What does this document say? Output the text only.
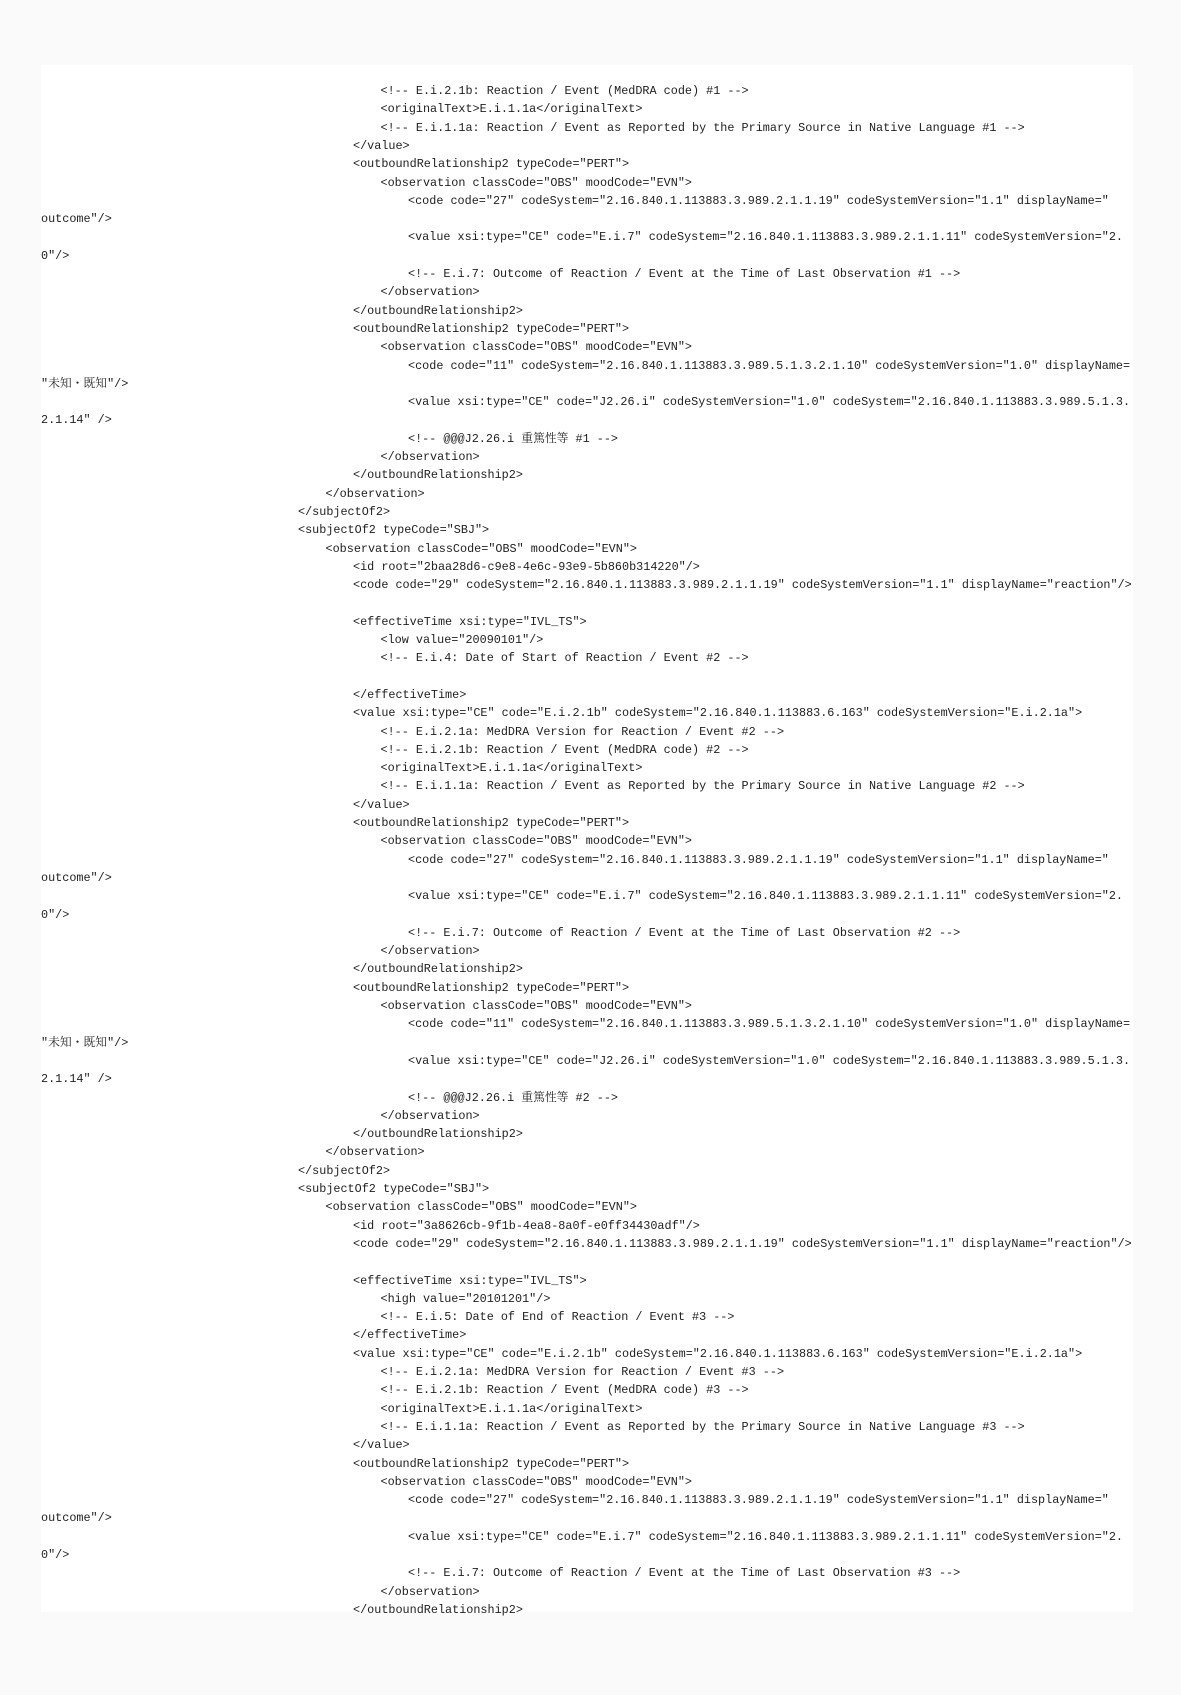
<!-- E.i.2.1b: Reaction / Event (MedDRA code) #1 -->
<originalText>E.i.1.1a</originalText>
<!-- E.i.1.1a: Reaction / Event as Reported by the Primary Source in Native Language #1 -->
</value>
<outboundRelationship2 typeCode="PERT">
<observation classCode="OBS" moodCode="EVN">
<code code="27" codeSystem="2.16.840.1.113883.3.989.2.1.1.19" codeSystemVersion="1.1" displayName="
outcome"/>
<value xsi:type="CE" code="E.i.7" codeSystem="2.16.840.1.113883.3.989.2.1.1.11" codeSystemVersion="2.
0"/>
<!-- E.i.7: Outcome of Reaction / Event at the Time of Last Observation #1 -->
</observation>
</outboundRelationship2>
<outboundRelationship2 typeCode="PERT">
<observation classCode="OBS" moodCode="EVN">
<code code="11" codeSystem="2.16.840.1.113883.3.989.5.1.3.2.1.10" codeSystemVersion="1.0" displayName=
"未知・既知"/>
<value xsi:type="CE" code="J2.26.i" codeSystemVersion="1.0" codeSystem="2.16.840.1.113883.3.989.5.1.3.
2.1.14" />
<!-- @@@J2.26.i 重篤性等 #1 -->
</observation>
</outboundRelationship2>
</observation>
</subjectOf2>
<subjectOf2 typeCode="SBJ">
<observation classCode="OBS" moodCode="EVN">
<id root="2baa28d6-c9e8-4e6c-93e9-5b860b314220"/>
<code code="29" codeSystem="2.16.840.1.113883.3.989.2.1.1.19" codeSystemVersion="1.1" displayName="reaction"/>
<effectiveTime xsi:type="IVL_TS">
<low value="20090101"/>
<!-- E.i.4: Date of Start of Reaction / Event #2 -->
</effectiveTime>
<value xsi:type="CE" code="E.i.2.1b" codeSystem="2.16.840.1.113883.6.163" codeSystemVersion="E.i.2.1a">
<!-- E.i.2.1a: MedDRA Version for Reaction / Event #2 -->
<!-- E.i.2.1b: Reaction / Event (MedDRA code) #2 -->
<originalText>E.i.1.1a</originalText>
<!-- E.i.1.1a: Reaction / Event as Reported by the Primary Source in Native Language #2 -->
</value>
<outboundRelationship2 typeCode="PERT">
<observation classCode="OBS" moodCode="EVN">
<code code="27" codeSystem="2.16.840.1.113883.3.989.2.1.1.19" codeSystemVersion="1.1" displayName="
outcome"/>
<value xsi:type="CE" code="E.i.7" codeSystem="2.16.840.1.113883.3.989.2.1.1.11" codeSystemVersion="2.
0"/>
<!-- E.i.7: Outcome of Reaction / Event at the Time of Last Observation #2 -->
</observation>
</outboundRelationship2>
<outboundRelationship2 typeCode="PERT">
<observation classCode="OBS" moodCode="EVN">
<code code="11" codeSystem="2.16.840.1.113883.3.989.5.1.3.2.1.10" codeSystemVersion="1.0" displayName=
"未知・既知"/>
<value xsi:type="CE" code="J2.26.i" codeSystemVersion="1.0" codeSystem="2.16.840.1.113883.3.989.5.1.3.
2.1.14" />
<!-- @@@J2.26.i 重篤性等 #2 -->
</observation>
</outboundRelationship2>
</observation>
</subjectOf2>
<subjectOf2 typeCode="SBJ">
<observation classCode="OBS" moodCode="EVN">
<id root="3a8626cb-9f1b-4ea8-8a0f-e0ff34430adf"/>
<code code="29" codeSystem="2.16.840.1.113883.3.989.2.1.1.19" codeSystemVersion="1.1" displayName="reaction"/>
<effectiveTime xsi:type="IVL_TS">
<high value="20101201"/>
<!-- E.i.5: Date of End of Reaction / Event #3 -->
</effectiveTime>
<value xsi:type="CE" code="E.i.2.1b" codeSystem="2.16.840.1.113883.6.163" codeSystemVersion="E.i.2.1a">
<!-- E.i.2.1a: MedDRA Version for Reaction / Event #3 -->
<!-- E.i.2.1b: Reaction / Event (MedDRA code) #3 -->
<originalText>E.i.1.1a</originalText>
<!-- E.i.1.1a: Reaction / Event as Reported by the Primary Source in Native Language #3 -->
</value>
<outboundRelationship2 typeCode="PERT">
<observation classCode="OBS" moodCode="EVN">
<code code="27" codeSystem="2.16.840.1.113883.3.989.2.1.1.19" codeSystemVersion="1.1" displayName="
outcome"/>
<value xsi:type="CE" code="E.i.7" codeSystem="2.16.840.1.113883.3.989.2.1.1.11" codeSystemVersion="2.
0"/>
<!-- E.i.7: Outcome of Reaction / Event at the Time of Last Observation #3 -->
</observation>
</outboundRelationship2>
